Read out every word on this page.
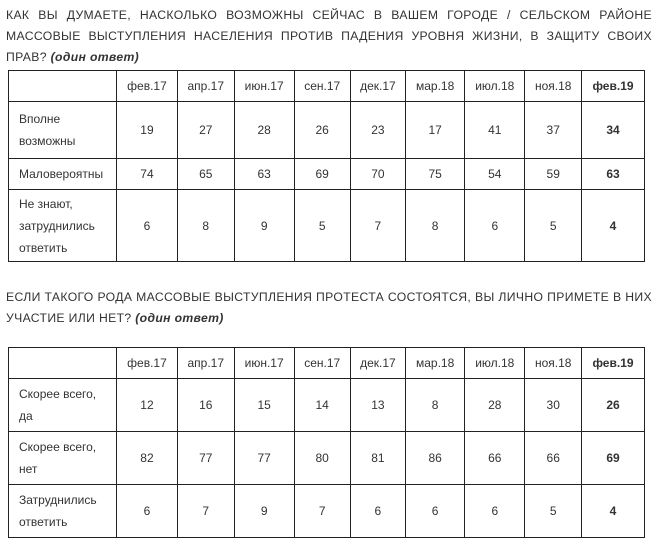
КАК ВЫ ДУМАЕТЕ, НАСКОЛЬКО ВОЗМОЖНЫ СЕЙЧАС В ВАШЕМ ГОРОДЕ / СЕЛЬСКОМ РАЙОНЕ МАССОВЫЕ ВЫСТУПЛЕНИЯ НАСЕЛЕНИЯ ПРОТИВ ПАДЕНИЯ УРОВНЯ ЖИЗНИ, В ЗАЩИТУ СВОИХ ПРАВ? (один ответ)
	фев.17	апр.17	июн.17	сен.17	дек.17	мар.18	июл.18	ноя.18	фев.19
Вполне возможны	19	27	28	26	23	17	41	37	34
Маловероятны	74	65	63	69	70	75	54	59	63
Не знают, затруднились ответить	6	8	9	5	7	8	6	5	4
ЕСЛИ ТАКОГО РОДА МАССОВЫЕ ВЫСТУПЛЕНИЯ ПРОТЕСТА СОСТОЯТСЯ, ВЫ ЛИЧНО ПРИМЕТЕ В НИХ УЧАСТИЕ ИЛИ НЕТ? (один ответ)
	фев.17	апр.17	июн.17	сен.17	дек.17	мар.18	июл.18	ноя.18	фев.19
Скорее всего, да	12	16	15	14	13	8	28	30	26
Скорее всего, нет	82	77	77	80	81	86	66	66	69
Затруднились ответить	6	7	9	7	6	6	6	5	4
